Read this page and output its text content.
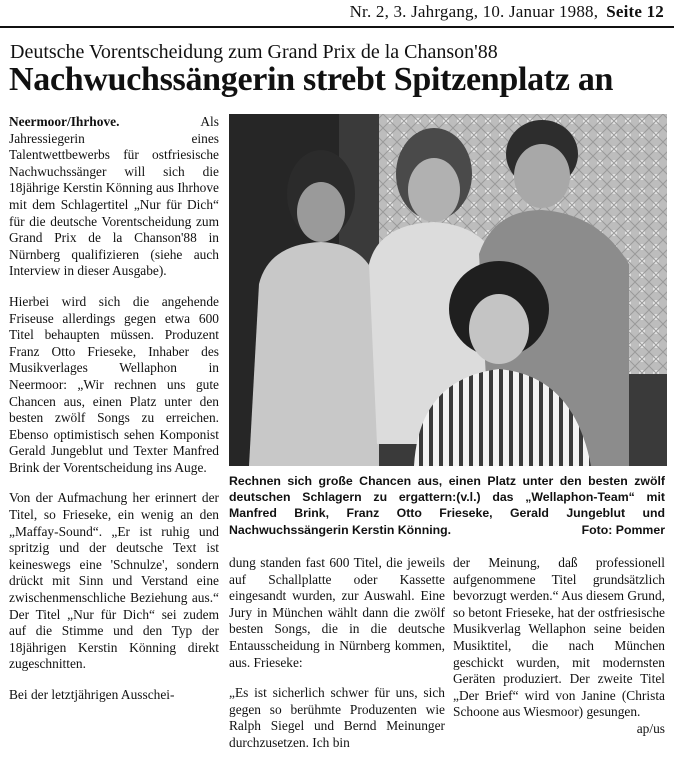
Nr. 2, 3. Jahrgang, 10. Januar 1988, Seite 12
Deutsche Vorentscheidung zum Grand Prix de la Chanson'88
Nachwuchssängerin strebt Spitzenplatz an

Neermoor/Ihrhove.	Als Jahressiegerin eines Talentwettbewerbs für ostfriesische Nachwuchssänger will sich die 18jährige Kerstin Könning aus Ihrhove mit dem Schlagertitel „Nur für Dich“ für die deutsche Vorentscheidung zum Grand Prix de la Chanson'88 in Nürnberg qualifizieren (siehe auch Interview in dieser Ausgabe).

Hierbei wird sich die angehende Friseuse allerdings gegen etwa 600 Titel behaupten müssen. Produzent Franz Otto Frieseke, Inhaber des Musikverlages Wellaphon in Neermoor: „Wir rechnen uns gute Chancen aus, einen Platz unter den besten zwölf Songs zu erreichen. Ebenso optimistisch sehen Komponist Gerald Jungeblut und Texter Manfred Brink der Vorentscheidung ins Auge.

Von der Aufmachung her erinnert der Titel, so Frieseke, ein wenig an den „Maffay-Sound“. „Er ist ruhig und spritzig und der deutsche Text ist keineswegs eine 'Schnulze', sondern drückt mit Sinn und Verstand eine zwischenmenschliche Beziehung aus.“ Der Titel „Nur für Dich“ sei zudem auf die Stimme und den Typ der 18jährigen Kerstin Könning direkt zugeschnitten.

Bei der letztjährigen Ausschei-

Rechnen sich große Chancen aus, einen Platz unter den besten zwölf deutschen Schlagern zu ergattern:(v.l.) das „Wellaphon-Team“ mit Manfred Brink, Franz Otto Frieseke, Gerald Jungeblut und Nachwuchssängerin Kerstin Könning.	Foto: Pommer

dung standen fast 600 Titel, die jeweils auf Schallplatte oder Kassette eingesandt wurden, zur Auswahl. Eine Jury in München wählt dann die zwölf besten Songs, die in die deutsche Entausscheidung in Nürnberg kommen, aus. Frieseke:

„Es ist sicherlich schwer für uns, sich gegen so berühmte Produzenten wie Ralph Siegel und Bernd Meinunger durchzusetzen. Ich bin

der Meinung, daß professionell aufgenommene Titel grundsätzlich bevorzugt werden.“ Aus diesem Grund, so betont Frieseke, hat der ostfriesische Musikverlag Wellaphon seine beiden Musiktitel, die nach München geschickt wurden, mit modernsten Geräten produziert. Der zweite Titel „Der Brief“ wird von Janine (Christa Schoone aus Wiesmoor) gesungen.
ap/us
